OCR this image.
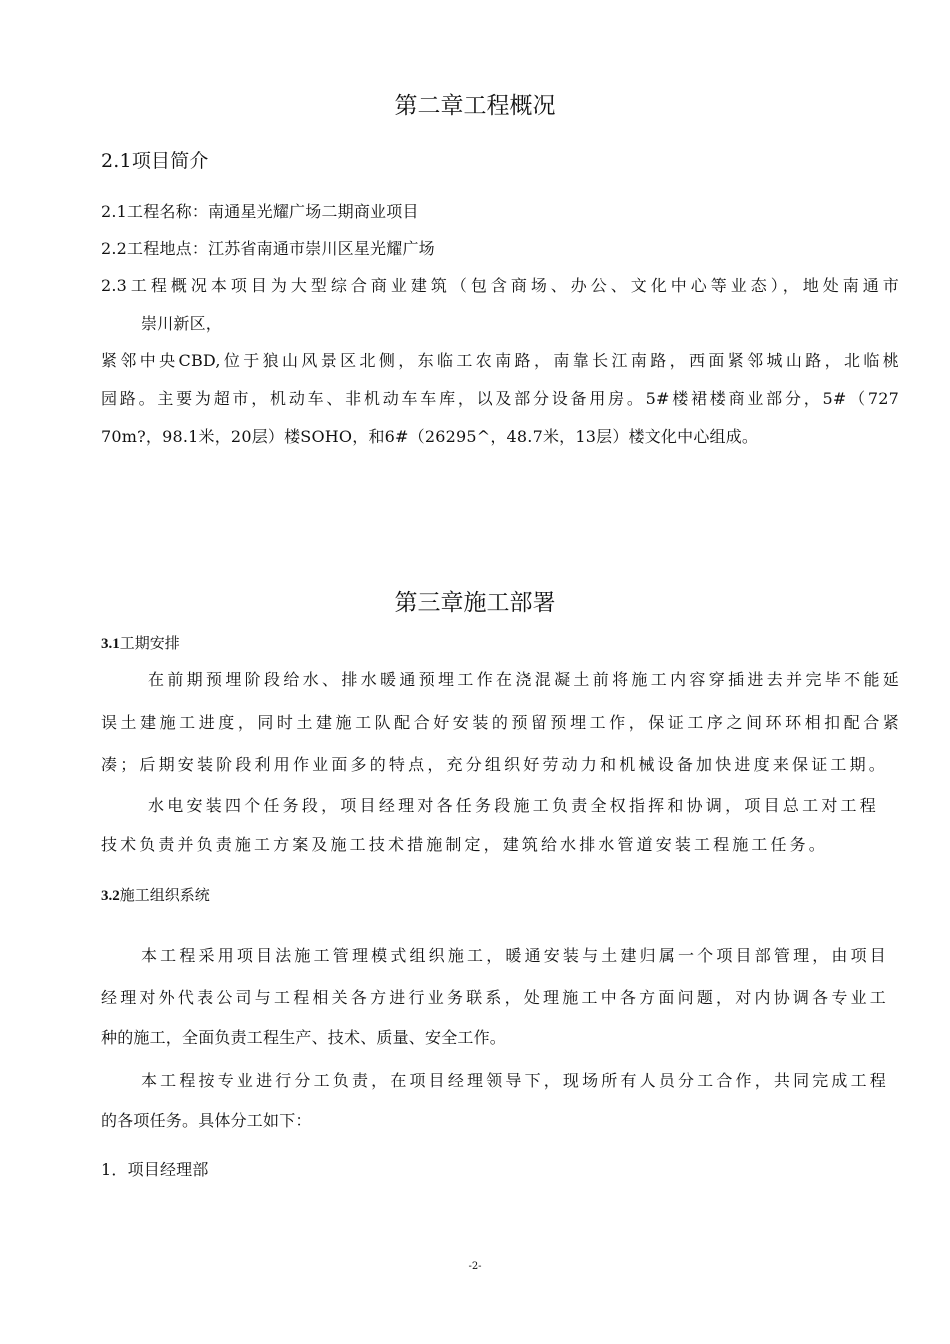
第二章工程概况
2.1项目简介
2.1工程名称：南通星光耀广场二期商业项目
2.2工程地点：江苏省南通市崇川区星光耀广场
2.3工程概况本项目为大型综合商业建筑（包含商场、办公、文化中心等业态），地处南通市
崇川新区，
紧邻中央CBD,位于狼山风景区北侧，东临工农南路，南靠长江南路，西面紧邻城山路，北临桃
园路。主要为超市，机动车、非机动车车库，以及部分设备用房。5#楼裙楼商业部分，5#（727
70m?，98.1米，20层）楼SOHO，和6#（26295^，48.7米，13层）楼文化中心组成。
第三章施工部署
3.1工期安排
在前期预埋阶段给水、排水暖通预埋工作在浇混凝土前将施工内容穿插进去并完毕不能延
误土建施工进度，同时土建施工队配合好安装的预留预埋工作，保证工序之间环环相扣配合紧
凑；后期安装阶段利用作业面多的特点，充分组织好劳动力和机械设备加快进度来保证工期。
水电安装四个任务段，项目经理对各任务段施工负责全权指挥和协调，项目总工对工程
技术负责并负责施工方案及施工技术措施制定，建筑给水排水管道安装工程施工任务。
3.2施工组织系统
本工程采用项目法施工管理模式组织施工，暖通安装与土建归属一个项目部管理，由项目
经理对外代表公司与工程相关各方进行业务联系，处理施工中各方面问题，对内协调各专业工
种的施工，全面负责工程生产、技术、质量、安全工作。
本工程按专业进行分工负责，在项目经理领导下，现场所有人员分工合作，共同完成工程
的各项任务。具体分工如下：
1．项目经理部
-2-
